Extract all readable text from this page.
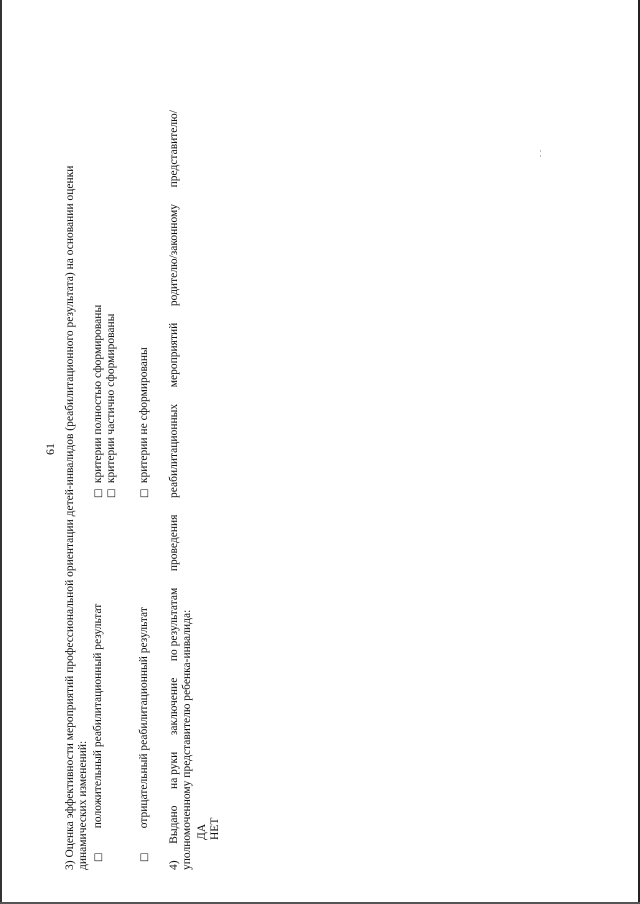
61 3) Оценка эффективности мероприятий профессиональной ориентации детей-инвалидов (реабилитационного результата) на основании оценки динамических изменений: □  положительный реабилитационный результат
□ критерии полностью сформированы
□ критерии частично сформированы
□  отрицательный реабилитационный результат
□ критерии не сформированы
4)
Выдано
на руки
заключение
по результатам
проведения
реабилитационных
мероприятий
родителю/законному
представителю/
уполномоченному представителю ребенка-инвалида: ДА НЕТ
